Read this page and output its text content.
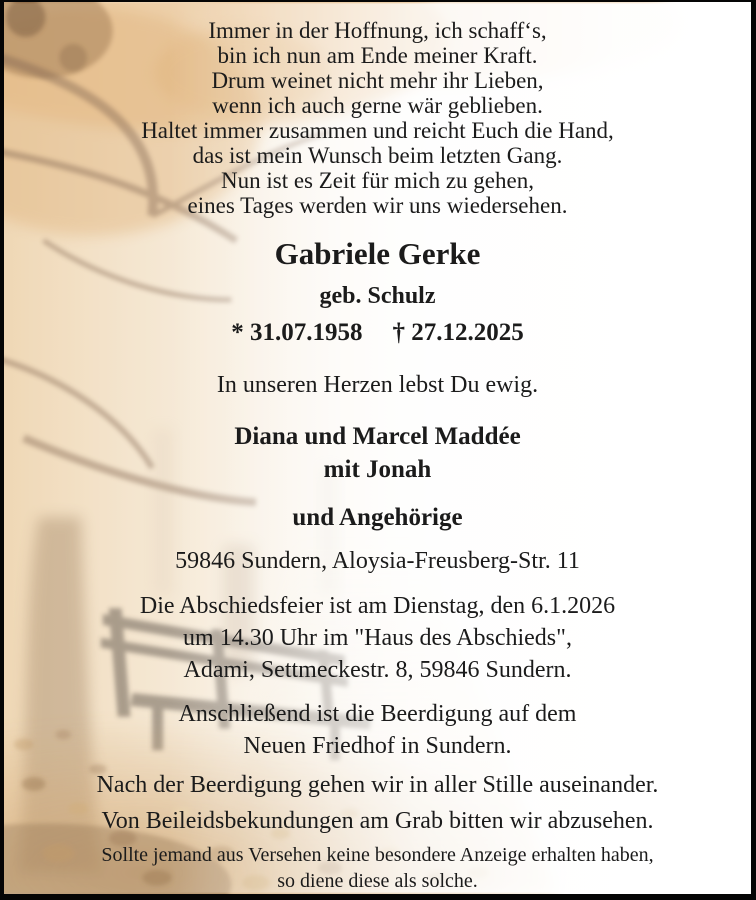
Immer in der Hoffnung, ich schaff‘s,
bin ich nun am Ende meiner Kraft.
Drum weinet nicht mehr ihr Lieben,
wenn ich auch gerne wär geblieben.
Haltet immer zusammen und reicht Euch die Hand,
das ist mein Wunsch beim letzten Gang.
Nun ist es Zeit für mich zu gehen,
eines Tages werden wir uns wiedersehen.
Gabriele Gerke
geb. Schulz
* 31.07.1958 † 27.12.2025
In unseren Herzen lebst Du ewig.
Diana und Marcel Maddée
mit Jonah
und Angehörige
59846 Sundern, Aloysia-Freusberg-Str. 11
Die Abschiedsfeier ist am Dienstag, den 6.1.2026
um 14.30 Uhr im "Haus des Abschieds",
Adami, Settmeckestr. 8, 59846 Sundern.
Anschließend ist die Beerdigung auf dem
Neuen Friedhof in Sundern.
Nach der Beerdigung gehen wir in aller Stille auseinander.
Von Beileidsbekundungen am Grab bitten wir abzusehen.
Sollte jemand aus Versehen keine besondere Anzeige erhalten haben,
so diene diese als solche.
